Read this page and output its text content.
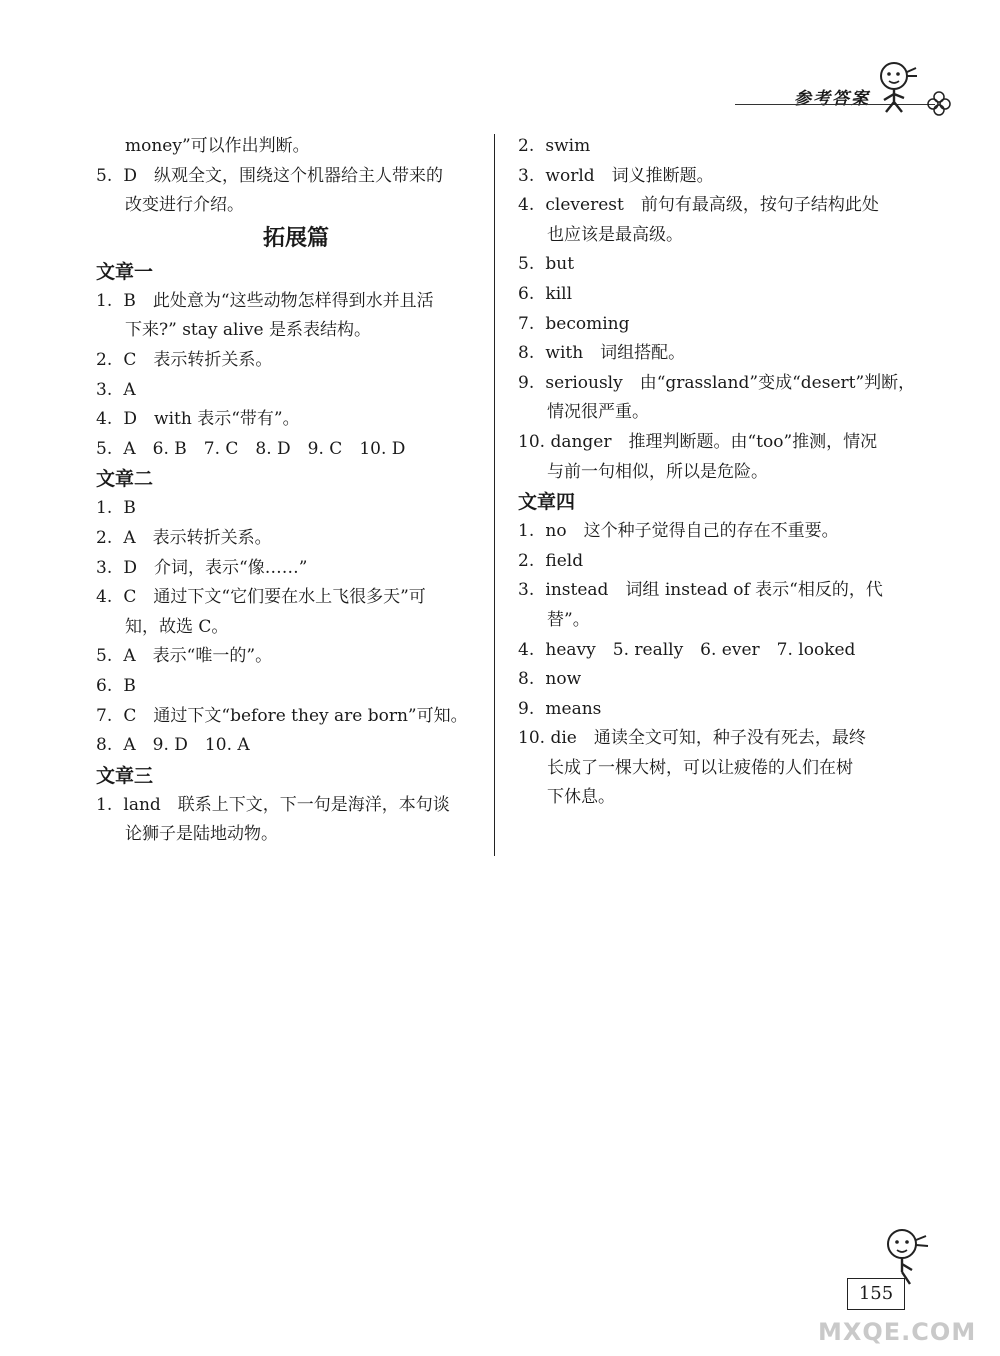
参考答案
money”可以作出判断。
5. D　纵观全文，围绕这个机器给主人带来的
改变进行介绍。
拓展篇
文章一
1. B　此处意为“这些动物怎样得到水并且活
下来?” stay alive 是系表结构。
2. C　表示转折关系。
3. A
4. D　with 表示“带有”。
5. A　6. B　7. C　8. D　9. C　10. D
文章二
1. B
2. A　表示转折关系。
3. D　介词，表示“像……”
4. C　通过下文“它们要在水上飞很多天”可
知，故选 C。
5. A　表示“唯一的”。
6. B
7. C　通过下文“before they are born”可知。
8. A　9. D　10. A
文章三
1. land　联系上下文，下一句是海洋，本句谈
论狮子是陆地动物。
2. swim
3. world　词义推断题。
4. cleverest　前句有最高级，按句子结构此处
也应该是最高级。
5. but
6. kill
7. becoming
8. with　词组搭配。
9. seriously　由“grassland”变成“desert”判断，
情况很严重。
10. danger　推理判断题。由“too”推测，情况
与前一句相似，所以是危险。
文章四
1. no　这个种子觉得自己的存在不重要。
2. field
3. instead　词组 instead of 表示“相反的，代
替”。
4. heavy　5. really　6. ever　7. looked
8. now
9. means
10. die　通读全文可知，种子没有死去，最终
长成了一棵大树，可以让疲倦的人们在树
下休息。
155
MXQE.COM
